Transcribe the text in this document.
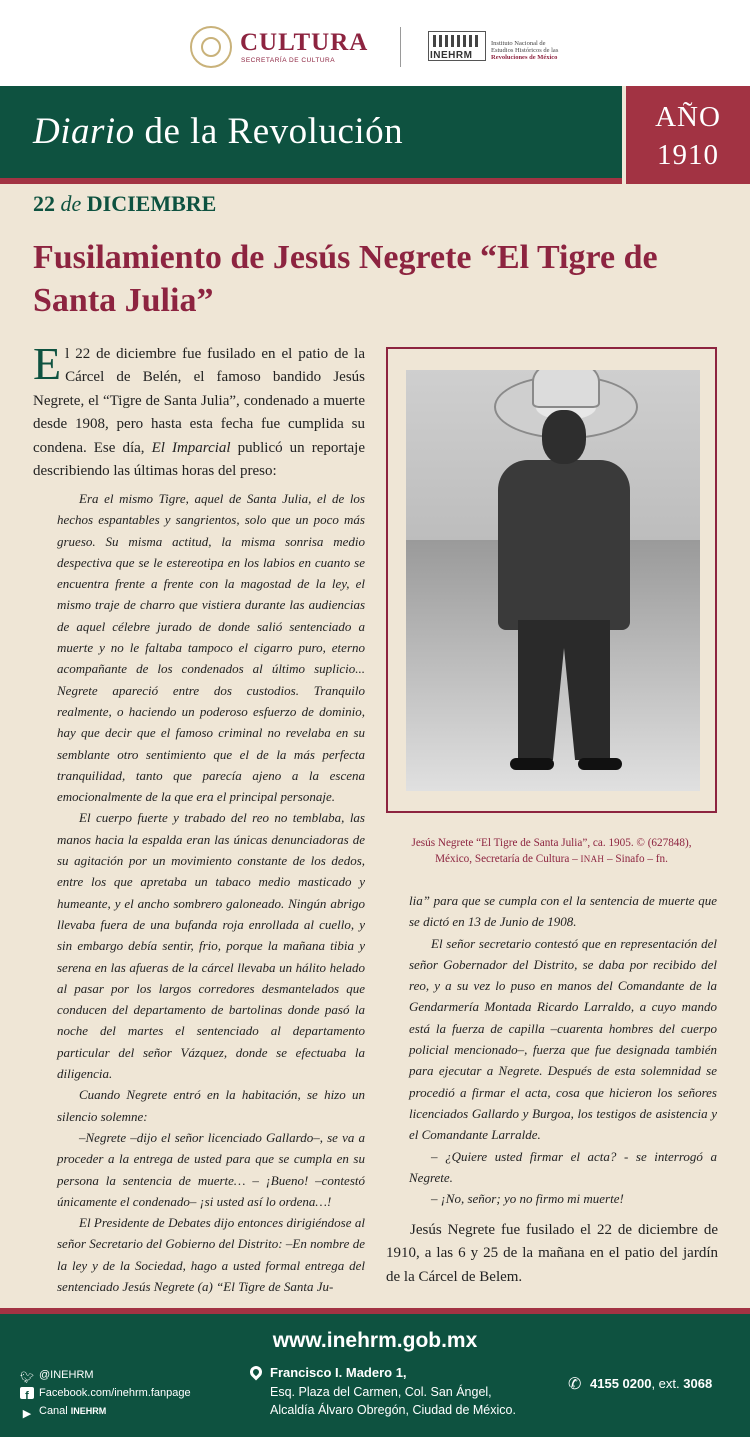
CULTURA
SECRETARÍA DE CULTURA	INEHRM
Instituto Nacional de
Estudios Históricos de las
Revoluciones de México
Diario de la Revolución	AÑO
1910
22 de DICIEMBRE
Fusilamiento de Jesús Negrete “El Tigre de Santa Julia”
El 22 de diciembre fue fusilado en el patio de la Cárcel de Belén, el famoso bandido Jesús Negrete, el “Tigre de Santa Julia”, condenado a muerte desde 1908, pero hasta esta fecha fue cumplida su condena. Ese día, El Imparcial publicó un reportaje describiendo las últimas horas del preso:

Era el mismo Tigre, aquel de Santa Julia, el de los hechos espantables y sangrientos, solo que un poco más grueso. Su misma actitud, la misma sonrisa medio despectiva que se le estereotipa en los labios en cuanto se encuentra frente a frente con la magostad de la ley, el mismo traje de charro que vistiera durante las audiencias de aquel célebre jurado de donde salió sentenciado a muerte y no le faltaba tampoco el cigarro puro, eterno acompañante de los condenados al último suplicio... Negrete apareció entre dos custodios. Tranquilo realmente, o haciendo un poderoso esfuerzo de dominio, hay que decir que el famoso criminal no revelaba en su semblante otro sentimiento que el de la más perfecta tranquilidad, tanto que parecía ajeno a la escena emocionalmente de la que era el principal personaje.

El cuerpo fuerte y trabado del reo no temblaba, las manos hacia la espalda eran las únicas denunciadoras de su agitación por un movimiento constante de los dedos, entre los que apretaba un tabaco medio masticado y humeante, y el ancho sombrero galoneado. Ningún abrigo llevaba fuera de una bufanda roja enrollada al cuello, y sin embargo debía sentir, frio, porque la mañana tibia y serena en las afueras de la cárcel llevaba un hálito helado al pasar por los largos corredores desmantelados que conducen del departamento de bartolinas donde pasó la noche del martes el sentenciado al departamento particular del señor Vázquez, donde se efectuaba la diligencia.

Cuando Negrete entró en la habitación, se hizo un silencio solemne:

–Negrete –dijo el señor licenciado Gallardo–, se va a proceder a la entrega de usted para que se cumpla en su persona la sentencia de muerte… – ¡Bueno! –contestó únicamente el condenado– ¡si usted así lo ordena…!

El Presidente de Debates dijo entonces dirigiéndose al señor Secretario del Gobierno del Distrito: –En nombre de la ley y de la Sociedad, hago a usted formal entrega del sentenciado Jesús Negrete (a) “El Tigre de Santa Ju-

Jesús Negrete “El Tigre de Santa Julia”, ca. 1905. © (627848),
México, Secretaría de Cultura – INAH – Sinafo – fn.

lia” para que se cumpla con el la sentencia de muerte que se dictó en 13 de Junio de 1908.

El señor secretario contestó que en representación del señor Gobernador del Distrito, se daba por recibido del reo, y a su vez lo puso en manos del Comandante de la Gendarmería Montada Ricardo Larraldo, a cuyo mando está la fuerza de capilla –cuarenta hombres del cuerpo policial mencionado–, fuerza que fue designada también para ejecutar a Negrete. Después de esta solemnidad se procedió a firmar el acta, cosa que hicieron los señores licenciados Gallardo y Burgoa, los testigos de asistencia y el Comandante Larralde.

– ¿Quiere usted firmar el acta? - se interrogó a Negrete.

– ¡No, señor; yo no firmo mi muerte!

Jesús Negrete fue fusilado el 22 de diciembre de 1910, a las 6 y 25 de la mañana en el patio del jardín de la Cárcel de Belem.
www.inehrm.gob.mx
🐦︎ @INEHRM
f Facebook.com/inehrm.fanpage
▶ Canal INEHRM
Francisco I. Madero 1,
Esq. Plaza del Carmen, Col. San Ángel,
Alcaldía Álvaro Obregón, Ciudad de México.
✆ 4155 0200, ext. 3068
